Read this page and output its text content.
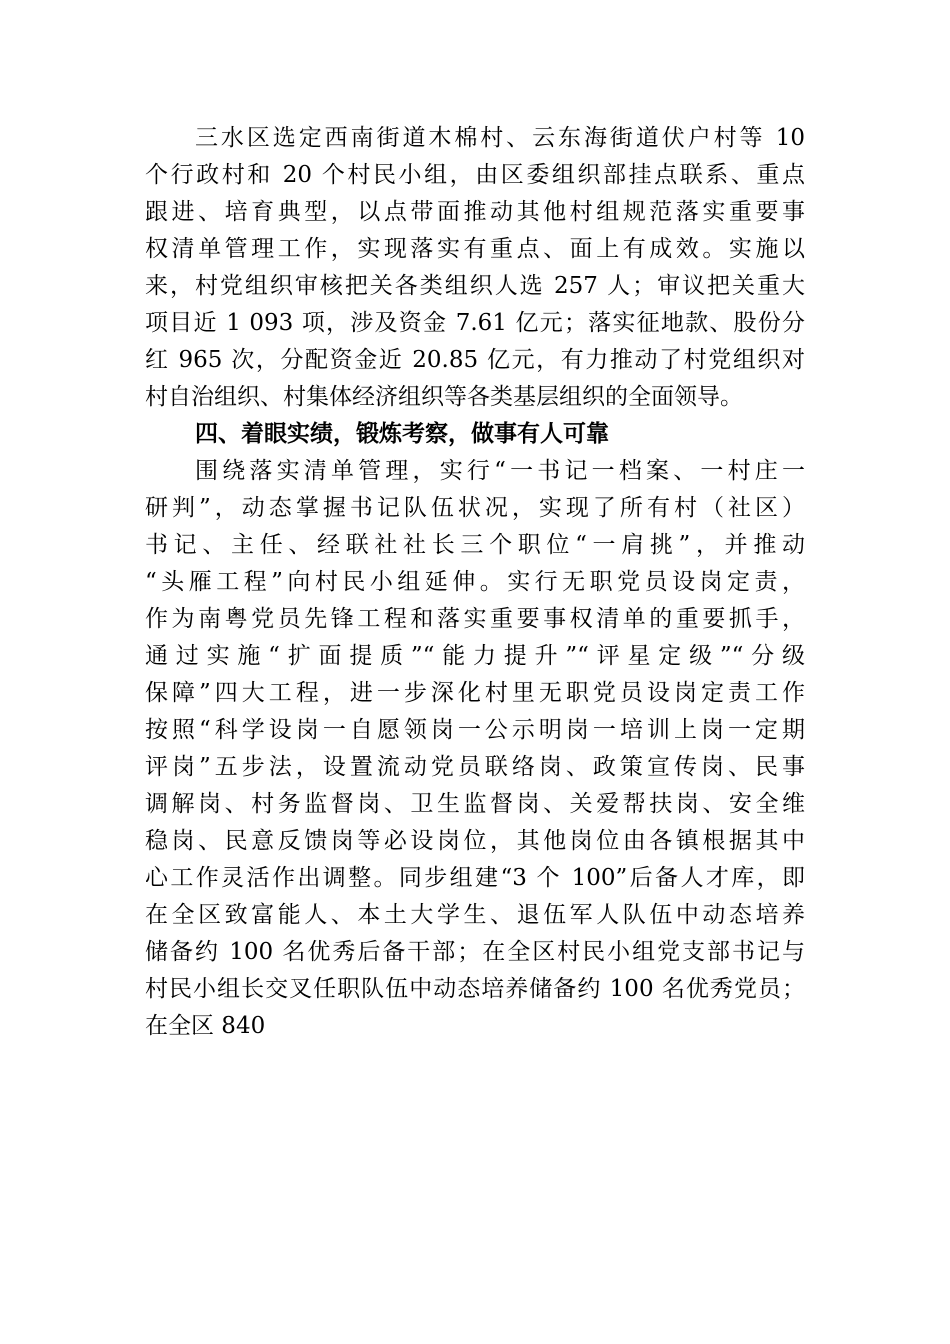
三水区选定西南街道木棉村、云东海街道伏户村等 10
个行政村和 20 个村民小组，由区委组织部挂点联系、重点
跟进、培育典型，以点带面推动其他村组规范落实重要事
权清单管理工作，实现落实有重点、面上有成效。实施以
来，村党组织审核把关各类组织人选 257 人；审议把关重大
项目近 1 093 项，涉及资金 7.61 亿元；落实征地款、股份分
红 965 次，分配资金近 20.85 亿元，有力推动了村党组织对
村自治组织、村集体经济组织等各类基层组织的全面领导。
四、着眼实绩，锻炼考察，做事有人可靠
围绕落实清单管理，实行“一书记一档案、一村庄一
研判”，动态掌握书记队伍状况，实现了所有村（社区）
书记、主任、经联社社长三个职位“一肩挑”，并推动
“头雁工程”向村民小组延伸。实行无职党员设岗定责，
作为南粤党员先锋工程和落实重要事权清单的重要抓手，
通过实施“扩面提质”“能力提升”“评星定级”“分级
保障”四大工程，进一步深化村里无职党员设岗定责工作
按照“科学设岗一自愿领岗一公示明岗一培训上岗一定期
评岗”五步法，设置流动党员联络岗、政策宣传岗、民事
调解岗、村务监督岗、卫生监督岗、关爱帮扶岗、安全维
稳岗、民意反馈岗等必设岗位，其他岗位由各镇根据其中
心工作灵活作出调整。同步组建“3 个 100”后备人才库，即
在全区致富能人、本土大学生、退伍军人队伍中动态培养
储备约 100 名优秀后备干部；在全区村民小组党支部书记与
村民小组长交叉任职队伍中动态培养储备约 100 名优秀党员；
在全区 840
